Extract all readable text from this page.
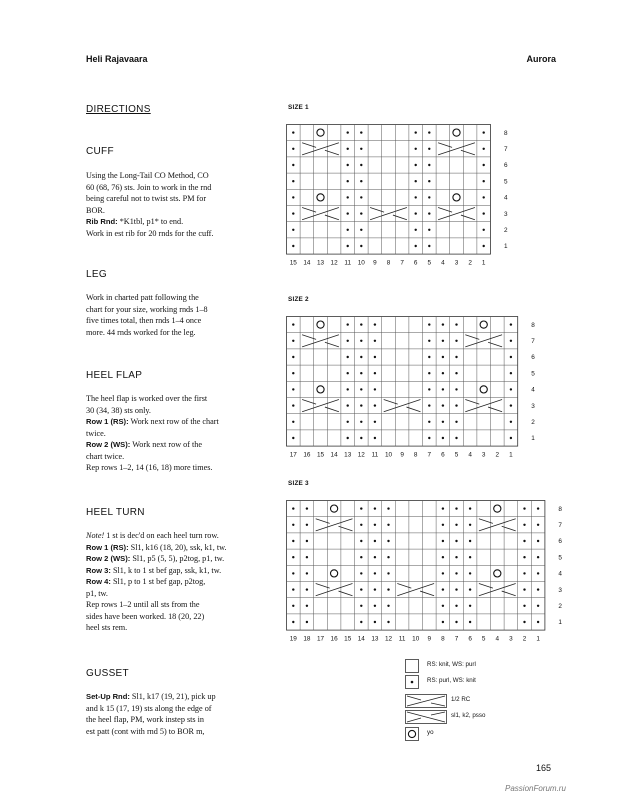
Heli Rajavaara	Aurora
DIRECTIONS
CUFF

Using the Long-Tail CO Method, CO

60 (68, 76) sts. Join to work in the rnd

being careful not to twist sts. PM for

BOR.

Rib Rnd: *K1tbl, p1* to end.

Work in est rib for 20 rnds for the cuff.

LEG

Work in charted patt following the

chart for your size, working rnds 1–8

five times total, then rnds 1–4 once

more. 44 rnds worked for the leg.

HEEL FLAP

The heel flap is worked over the first

30 (34, 38) sts only.

Row 1 (RS): Work next row of the chart

twice.

Row 2 (WS): Work next row of the

chart twice.

Rep rows 1–2, 14 (16, 18) more times.

HEEL TURN

Note! 1 st is dec'd on each heel turn row.

Row 1 (RS): Sl1, k16 (18, 20), ssk, k1, tw.

Row 2 (WS): Sl1, p5 (5, 5), p2tog, p1, tw.

Row 3: Sl1, k to 1 st bef gap, ssk, k1, tw.

Row 4: Sl1, p to 1 st bef gap, p2tog,

p1, tw.

Rep rows 1–2 until all sts from the

sides have been worked. 18 (20, 22)

heel sts rem.

GUSSET

Set-Up Rnd: Sl1, k17 (19, 21), pick up

and k 15 (17, 19) sts along the edge of

the heel flap, PM, work instep sts in

est patt (cont with rnd 5) to BOR m,

SIZE 1
8
7
6
5
4
3
2
1
15 14 13 12 11 10 9 8 7 6 5 4 3 2 1
SIZE 2
8
7
6
5
4
3
2
1
17 16 15 14 13 12 11 10 9 8 7 6 5 4 3 2 1
SIZE 3
8
7
6
5
4
3
2
1
19 18 17 16 15 14 13 12 11 10 9 8 7 6 5 4 3 2 1
RS: knit, WS: purl
RS: purl, WS: knit
1/2 RC
sl1, k2, psso
yo
165
PassionForum.ru
